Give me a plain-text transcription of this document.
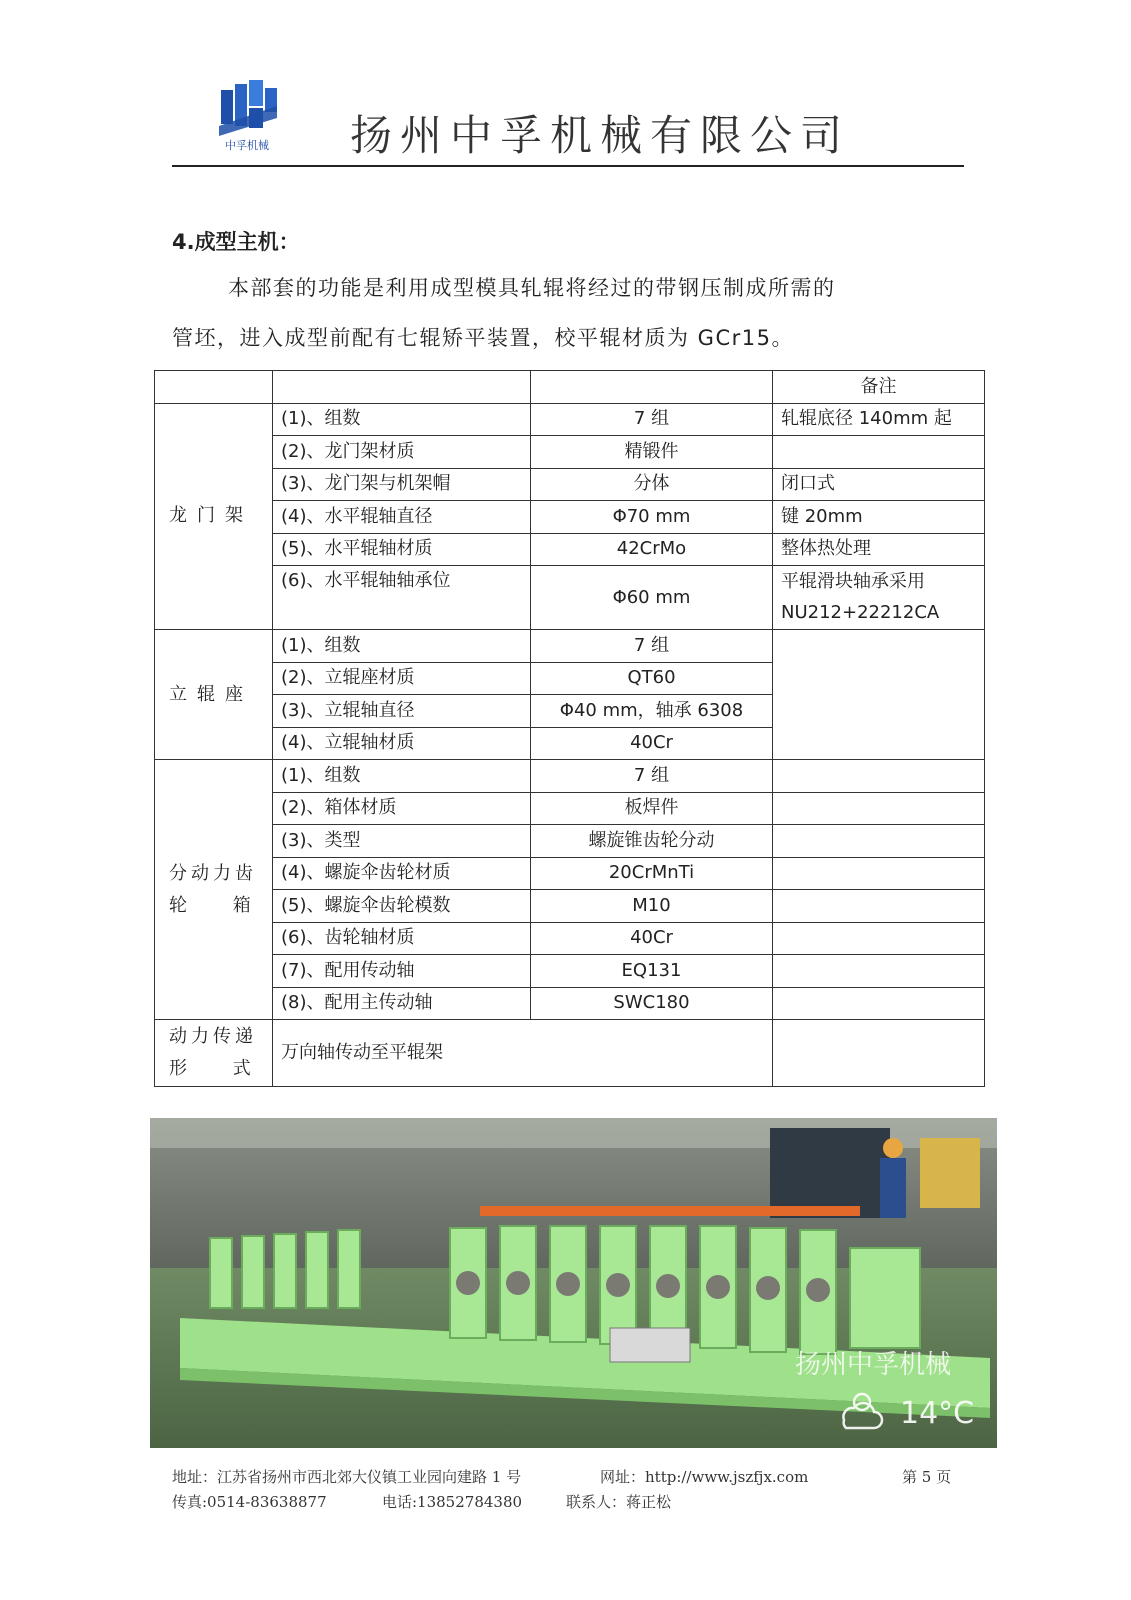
中孚机械 扬州中孚机械有限公司
4.成型主机：
本部套的功能是利用成型模具轧辊将经过的带钢压制成所需的
管坯，进入成型前配有七辊矫平装置，校平辊材质为 GCr15。
			备注
龙门架	(1)、组数	7 组	轧辊底径 140mm 起
	(2)、龙门架材质	精锻件	
	(3)、龙门架与机架帽	分体	闭口式
	(4)、水平辊轴直径	Φ70 mm	键 20mm
	(5)、水平辊轴材质	42CrMo	整体热处理
	(6)、水平辊轴轴承位	Φ60 mm	平辊滑块轴承采用
			NU212+22212CA
立辊座	(1)、组数	7 组	
	(2)、立辊座材质	QT60	
	(3)、立辊轴直径	Φ40 mm，轴承 6308	
	(4)、立辊轴材质	40Cr	

分动力齿
轮 箱	(1)、组数	7 组	
	(2)、箱体材质	板焊件	
	(3)、类型	螺旋锥齿轮分动	
	(4)、螺旋伞齿轮材质	20CrMnTi	
	(5)、螺旋伞齿轮模数	M10	
	(6)、齿轮轴材质	40Cr	
	(7)、配用传动轴	EQ131	
	(8)、配用主传动轴	SWC180	

动力传递
形 式	万向轴传动至平辊架		
扬州中孚机械
14°C
地址：江苏省扬州市西北郊大仪镇工业园向建路 1 号	网址：http://www.jszfjx.com	第 5 页
传真:0514-83638877	电话:13852784380	联系人：蒋正松
